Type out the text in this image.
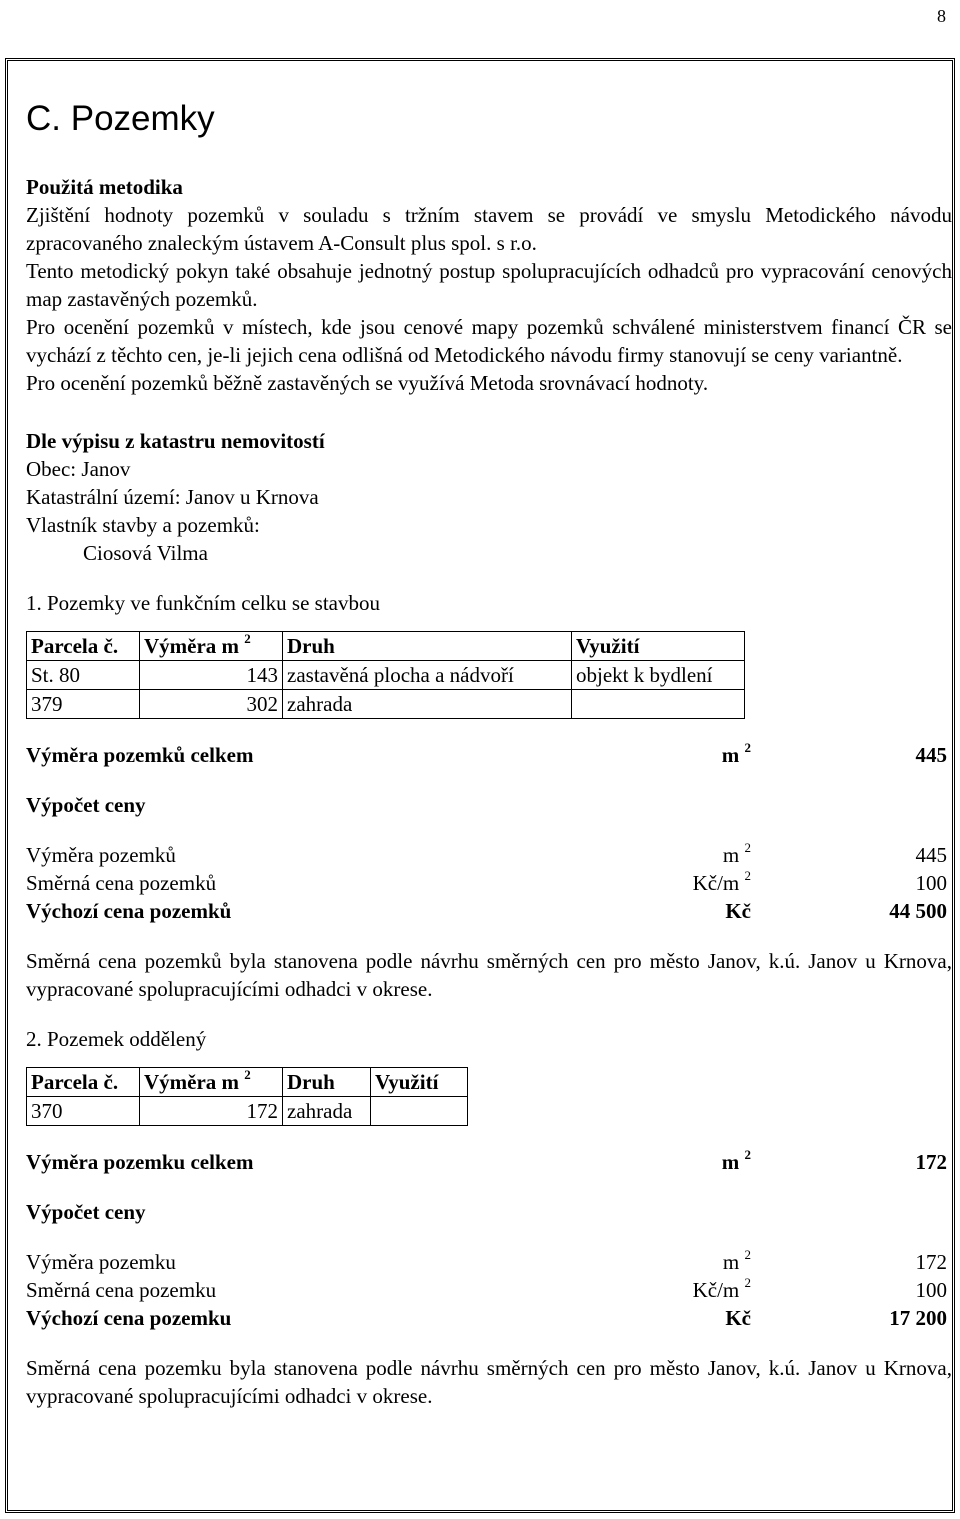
8
C. Pozemky
Použitá metodika

Zjištění hodnoty pozemků v souladu s tržním stavem se provádí ve smyslu Metodického návodu zpracovaného znaleckým ústavem A-Consult plus spol. s r.o.

Tento metodický pokyn také obsahuje jednotný postup spolupracujících odhadců pro vypracování cenových map zastavěných pozemků.

Pro ocenění pozemků v místech, kde jsou cenové mapy pozemků schválené ministerstvem financí ČR se vychází z těchto cen, je-li jejich cena odlišná od Metodického návodu firmy stanovují se ceny variantně.

Pro ocenění pozemků běžně zastavěných se využívá Metoda srovnávací hodnoty.

Dle výpisu z katastru nemovitostí
Obec: Janov
Katastrální území: Janov u Krnova
Vlastník stavby a pozemků:
Ciosová Vilma
1. Pozemky ve funkčním celku se stavbou
Parcela č.	Výměra m $^2$	Druh	Využití
St. 80	143	zastavěná plocha a nádvoří	objekt k bydlení
379	302	zahrada	
Výměra pozemků celkem	m $^2$	445
Výpočet ceny
Výměra pozemků	m $^2$	445
Směrná cena pozemků	Kč/m $^2$	100
Výchozí cena pozemků	Kč	44 500

Směrná cena pozemků byla stanovena podle návrhu směrných cen pro město Janov, k.ú. Janov u Krnova, vypracované spolupracujícími odhadci v okrese.

2. Pozemek oddělený
Parcela č.	Výměra m $^2$	Druh	Využití
370	172	zahrada	
Výměra pozemku celkem	m $^2$	172
Výpočet ceny
Výměra pozemku	m $^2$	172
Směrná cena pozemku	Kč/m $^2$	100
Výchozí cena pozemku	Kč	17 200

Směrná cena pozemku byla stanovena podle návrhu směrných cen pro město Janov, k.ú. Janov u Krnova, vypracované spolupracujícími odhadci v okrese.
